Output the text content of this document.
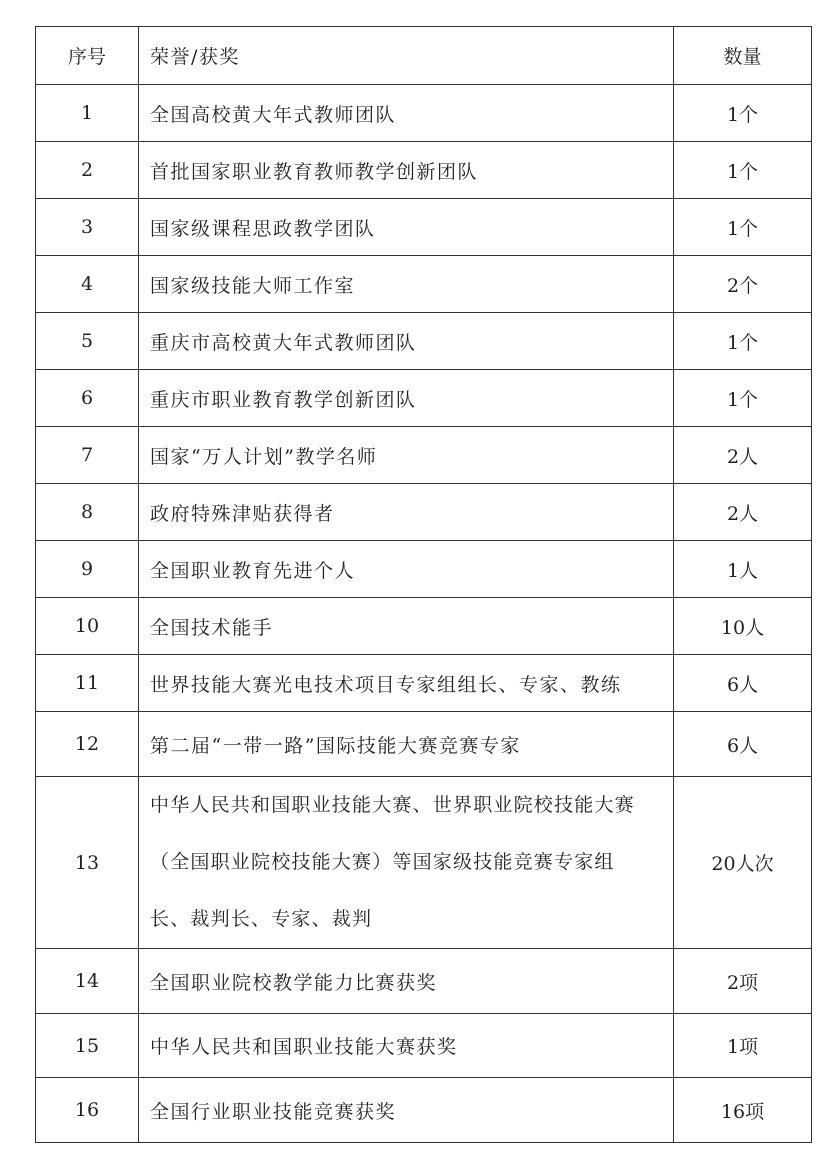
序号	荣誉/获奖	数量
1	全国高校黄大年式教师团队	1个
2	首批国家职业教育教师教学创新团队	1个
3	国家级课程思政教学团队	1个
4	国家级技能大师工作室	2个
5	重庆市高校黄大年式教师团队	1个
6	重庆市职业教育教学创新团队	1个
7	国家“万人计划”教学名师	2人
8	政府特殊津贴获得者	2人
9	全国职业教育先进个人	1人
10	全国技术能手	10人
11	世界技能大赛光电技术项目专家组组长、专家、教练	6人
12	第二届“一带一路”国际技能大赛竞赛专家	6人
13	中华人民共和国职业技能大赛、世界职业院校技能大赛
（全国职业院校技能大赛）等国家级技能竞赛专家组
长、裁判长、专家、裁判	20人次
14	全国职业院校教学能力比赛获奖	2项
15	中华人民共和国职业技能大赛获奖	1项
16	全国行业职业技能竞赛获奖	16项
